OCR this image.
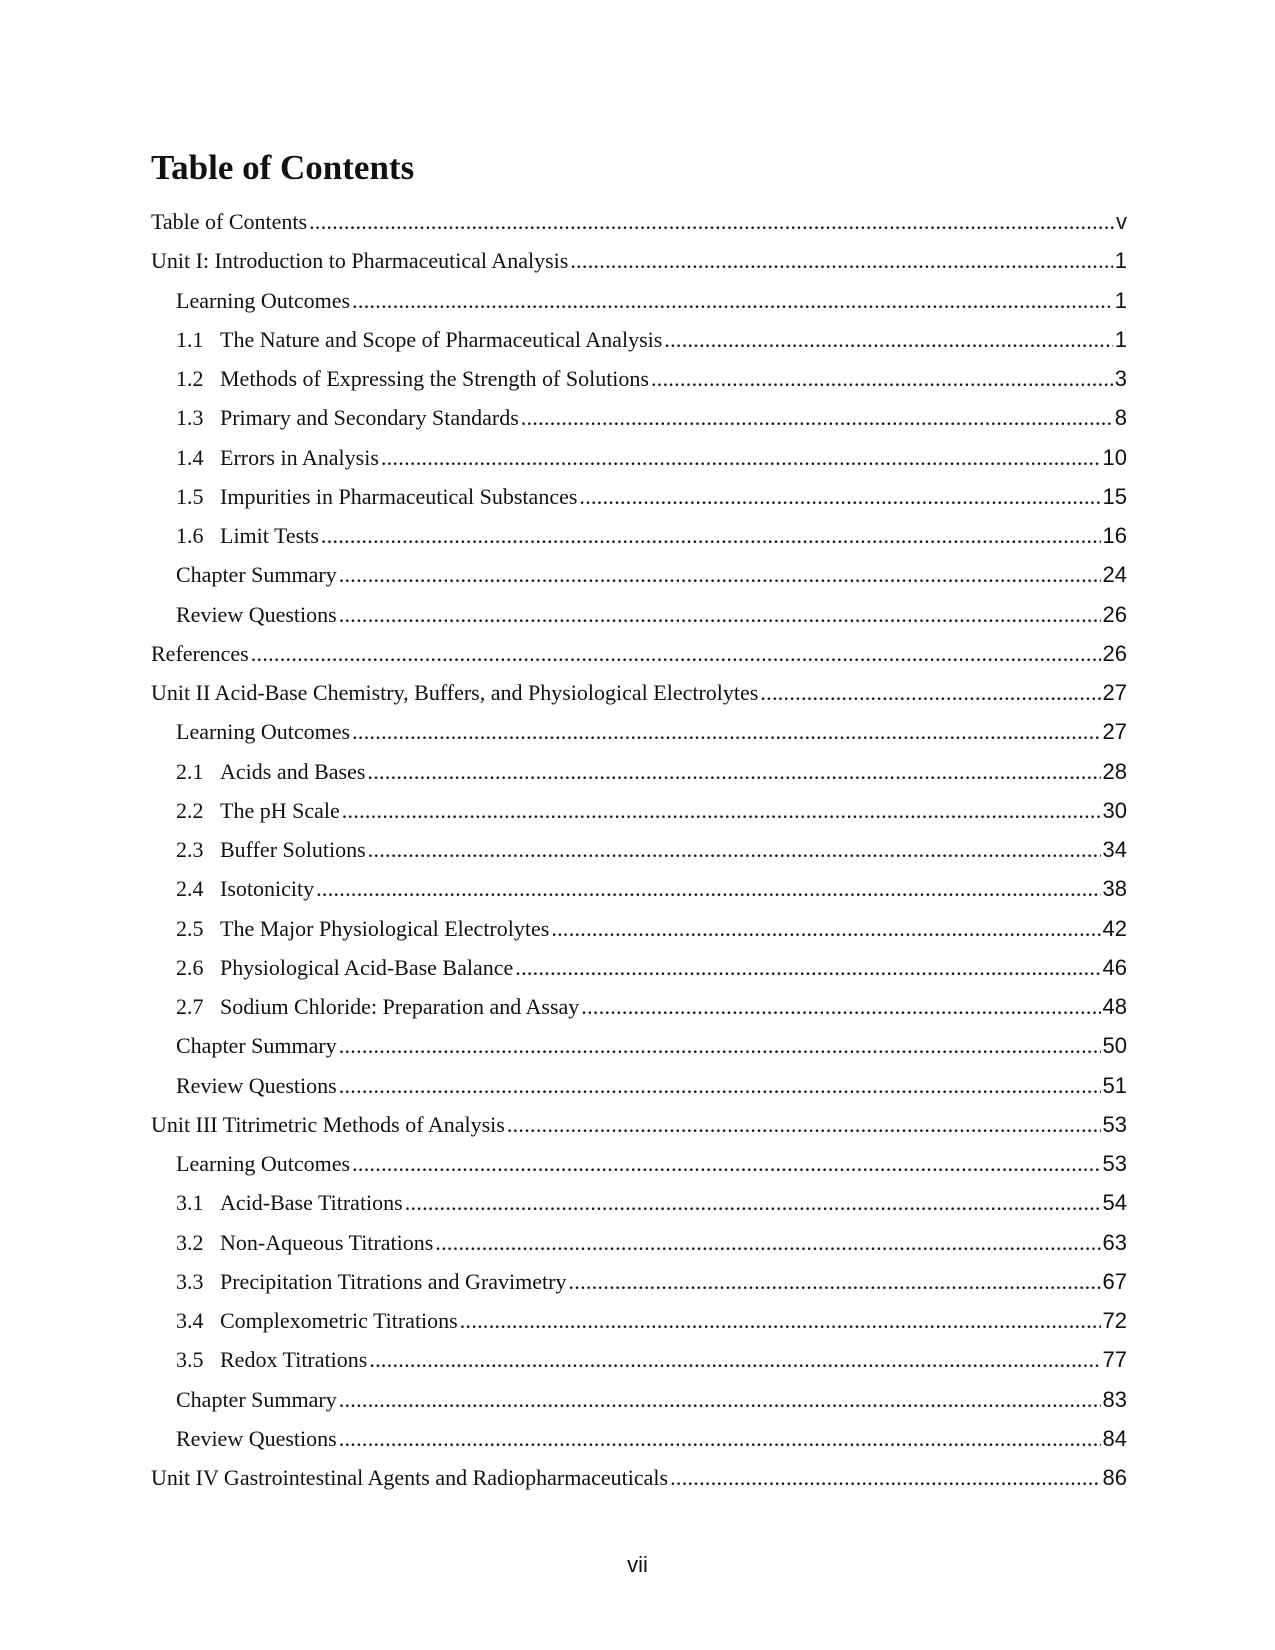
Table of Contents
Table of Contents .....	v
Unit I: Introduction to Pharmaceutical Analysis .....	1
Learning Outcomes .....	1
1.1 The Nature and Scope of Pharmaceutical Analysis .....	1
1.2 Methods of Expressing the Strength of Solutions .....	3
1.3 Primary and Secondary Standards .....	8
1.4 Errors in Analysis .....	10
1.5 Impurities in Pharmaceutical Substances .....	15
1.6 Limit Tests .....	16
Chapter Summary .....	24
Review Questions .....	26
References .....	26
Unit II Acid-Base Chemistry, Buffers, and Physiological Electrolytes .....	27
Learning Outcomes .....	27
2.1 Acids and Bases .....	28
2.2 The pH Scale .....	30
2.3 Buffer Solutions .....	34
2.4 Isotonicity .....	38
2.5 The Major Physiological Electrolytes .....	42
2.6 Physiological Acid-Base Balance .....	46
2.7 Sodium Chloride: Preparation and Assay .....	48
Chapter Summary .....	50
Review Questions .....	51
Unit III Titrimetric Methods of Analysis .....	53
Learning Outcomes .....	53
3.1 Acid-Base Titrations .....	54
3.2 Non-Aqueous Titrations .....	63
3.3 Precipitation Titrations and Gravimetry .....	67
3.4 Complexometric Titrations .....	72
3.5 Redox Titrations .....	77
Chapter Summary .....	83
Review Questions .....	84
Unit IV Gastrointestinal Agents and Radiopharmaceuticals .....	86
vii
